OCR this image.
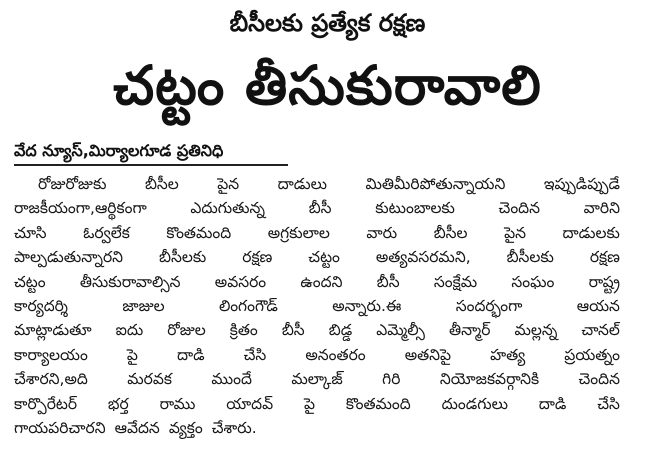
బీసీలకు ప్రత్యేక రక్షణ
చట్టం తీసుకురావాలి
వేద న్యూస్,మిర్యాలగూడ ప్రతినిధి
రోజురోజుకు బీసీల పైన దాడులు మితిమీరిపోతున్నాయని ఇప్పుడిప్పుడే
రాజకీయంగా,ఆర్థికంగా	ఎదుగుతున్న	బీసీ	కుటుంబాలకు	చెందిన	వారిని
చూసి ఓర్వలేక కొంతమంది అగ్రకులాల వారు బీసీల పైన దాడులకు
పాల్పడుతున్నారని బీసీలకు రక్షణ చట్టం అత్యవసరమని, బీసీలకు రక్షణ
చట్టం తీసుకురావాల్సిన అవసరం ఉందని బీసీ సంక్షేమ సంఘం రాష్ట్ర
కార్యదర్శి	జాజుల	లింగంగౌడ్	అన్నారు.ఈ	సందర్భంగా	ఆయన
మాట్లాడుతూ ఐదు రోజుల క్రితం బీసీ బిడ్డ ఎమ్మెల్సీ తీన్మార్ మల్లన్న చానల్
కార్యాలయం	పై	దాడి	చేసి	అనంతరం	అతనిపై	హత్య	ప్రయత్నం
చేశారని,అది	మరవక	ముందే	మల్కాజ్	గిరి	నియోజకవర్గానికి	చెందిన
కార్పొరేటర్ భర్త రాము యాదవ్ పై కొంతమంది దుండగులు దాడి చేసి
గాయపరిచారని ఆవేదన వ్యక్తం చేశారు.
